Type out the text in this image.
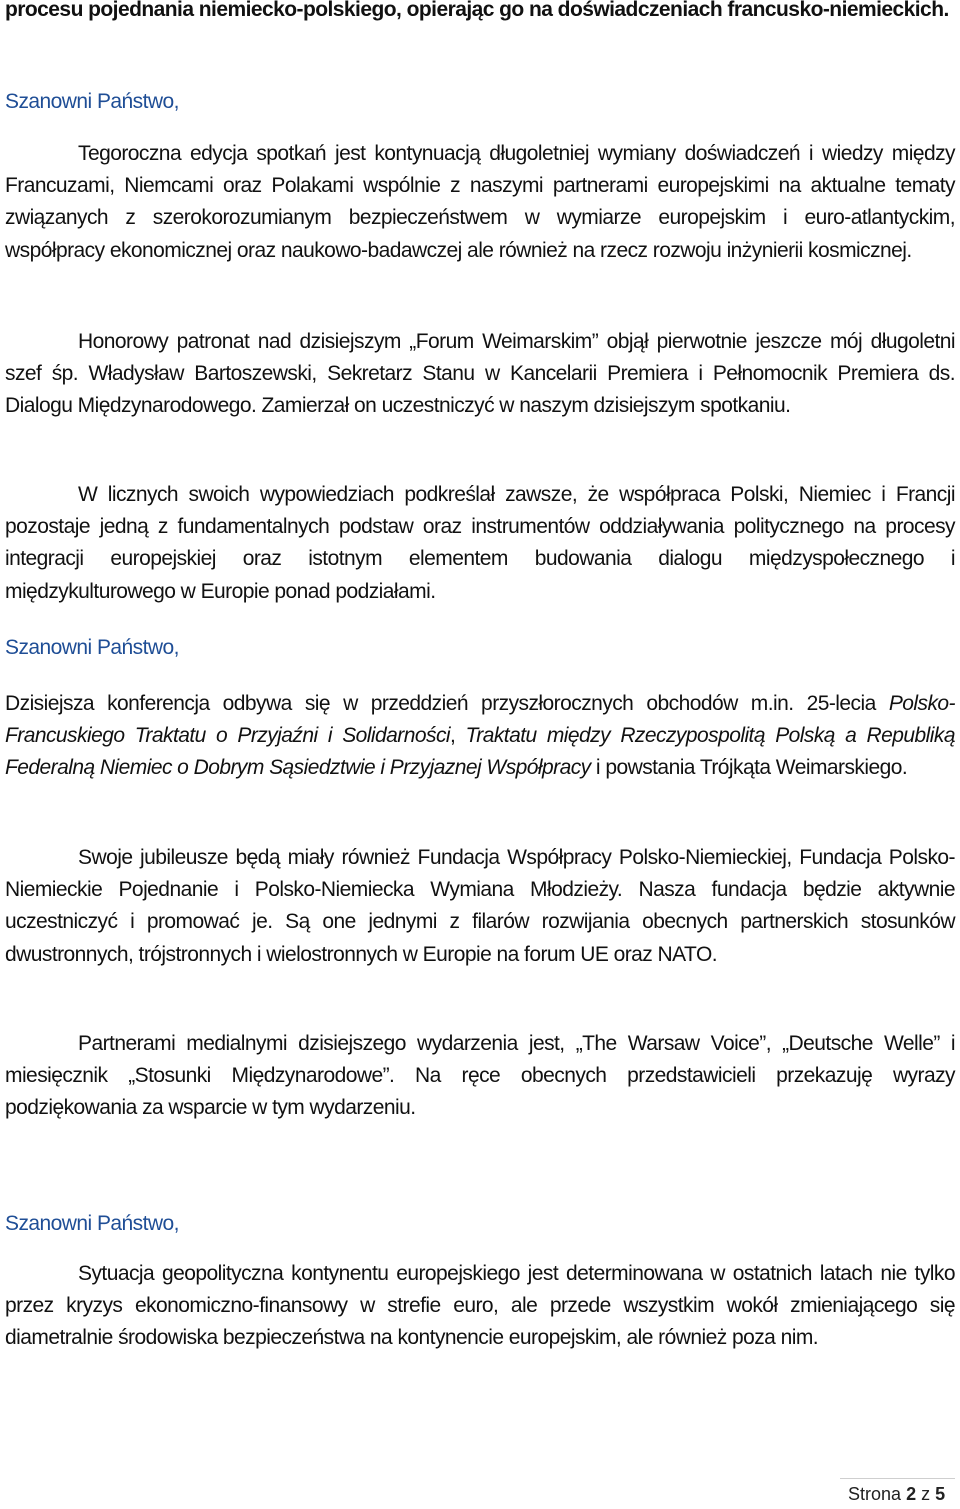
procesu pojednania niemiecko-polskiego, opierając go na doświadczeniach francusko-niemieckich.

Szanowni Państwo,

Tegoroczna edycja spotkań jest kontynuacją długoletniej wymiany doświadczeń i wiedzy między Francuzami, Niemcami oraz Polakami wspólnie z naszymi partnerami europejskimi na aktualne tematy związanych z szerokorozumianym bezpieczeństwem w wymiarze europejskim i euro-atlantyckim, współpracy ekonomicznej oraz naukowo-badawczej ale również na rzecz rozwoju inżynierii kosmicznej.

Honorowy patronat nad dzisiejszym „Forum Weimarskim” objął pierwotnie jeszcze mój długoletni szef śp. Władysław Bartoszewski, Sekretarz Stanu w Kancelarii Premiera i Pełnomocnik Premiera ds. Dialogu Międzynarodowego. Zamierzał on uczestniczyć w naszym dzisiejszym spotkaniu.

W licznych swoich wypowiedziach podkreślał zawsze, że współpraca Polski, Niemiec i Francji pozostaje jedną z fundamentalnych podstaw oraz instrumentów oddziaływania politycznego na procesy integracji europejskiej oraz istotnym elementem budowania dialogu międzyspołecznego i międzykulturowego w Europie ponad podziałami.

Szanowni Państwo,

Dzisiejsza konferencja odbywa się w przeddzień przyszłorocznych obchodów m.in. 25-lecia Polsko-Francuskiego Traktatu o Przyjaźni i Solidarności, Traktatu między Rzeczypospolitą Polską a Republiką Federalną Niemiec o Dobrym Sąsiedztwie i Przyjaznej Współpracy i powstania Trójkąta Weimarskiego.

Swoje jubileusze będą miały również Fundacja Współpracy Polsko-Niemieckiej, Fundacja Polsko-Niemieckie Pojednanie i Polsko-Niemiecka Wymiana Młodzieży. Nasza fundacja będzie aktywnie uczestniczyć i promować je. Są one jednymi z filarów rozwijania obecnych partnerskich stosunków dwustronnych, trójstronnych i wielostronnych w Europie na forum UE oraz NATO.

Partnerami medialnymi dzisiejszego wydarzenia jest, „The Warsaw Voice”, „Deutsche Welle” i miesięcznik „Stosunki Międzynarodowe”. Na ręce obecnych przedstawicieli przekazuję wyrazy podziękowania za wsparcie w tym wydarzeniu.

Szanowni Państwo,

Sytuacja geopolityczna kontynentu europejskiego jest determinowana w ostatnich latach nie tylko przez kryzys ekonomiczno-finansowy w strefie euro, ale przede wszystkim wokół zmieniającego się diametralnie środowiska bezpieczeństwa na kontynencie europejskim, ale również poza nim.

Strona 2 z 5
